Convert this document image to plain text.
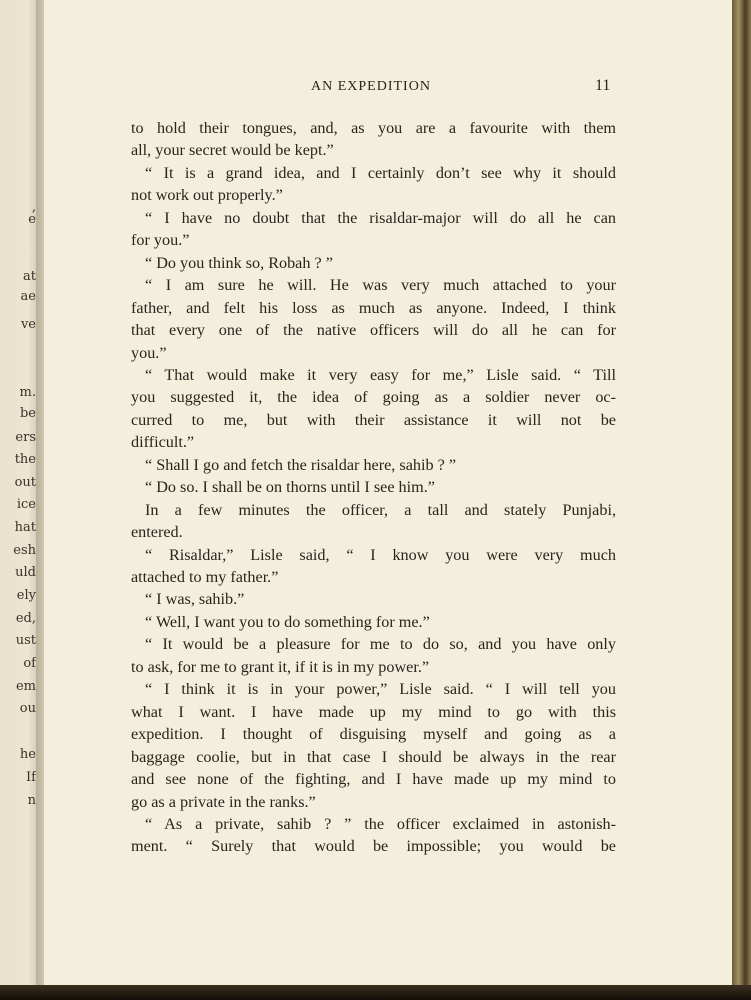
,
e
at
ae
ve
m.
be
ers
the
out
ice
hat
esh
uld
ely
ed,
ust
of
em
ou
he
If
n
AN EXPEDITION	11
to hold their tongues, and, as you are a favourite with them
all, your secret would be kept.”
“ It is a grand idea, and I certainly don’t see why it should
not work out properly.”
“ I have no doubt that the risaldar-major will do all he can
for you.”
“ Do you think so, Robah ? ”
“ I am sure he will. He was very much attached to your
father, and felt his loss as much as anyone. Indeed, I think
that every one of the native officers will do all he can for
you.”
“ That would make it very easy for me,” Lisle said. “ Till
you suggested it, the idea of going as a soldier never oc-
curred to me, but with their assistance it will not be
difficult.”
“ Shall I go and fetch the risaldar here, sahib ? ”
“ Do so. I shall be on thorns until I see him.”
In a few minutes the officer, a tall and stately Punjabi,
entered.
“ Risaldar,” Lisle said, “ I know you were very much
attached to my father.”
“ I was, sahib.”
“ Well, I want you to do something for me.”
“ It would be a pleasure for me to do so, and you have only
to ask, for me to grant it, if it is in my power.”
“ I think it is in your power,” Lisle said. “ I will tell you
what I want. I have made up my mind to go with this
expedition. I thought of disguising myself and going as a
baggage coolie, but in that case I should be always in the rear
and see none of the fighting, and I have made up my mind to
go as a private in the ranks.”
“ As a private, sahib ? ” the officer exclaimed in astonish-
ment. “ Surely that would be impossible; you would be
